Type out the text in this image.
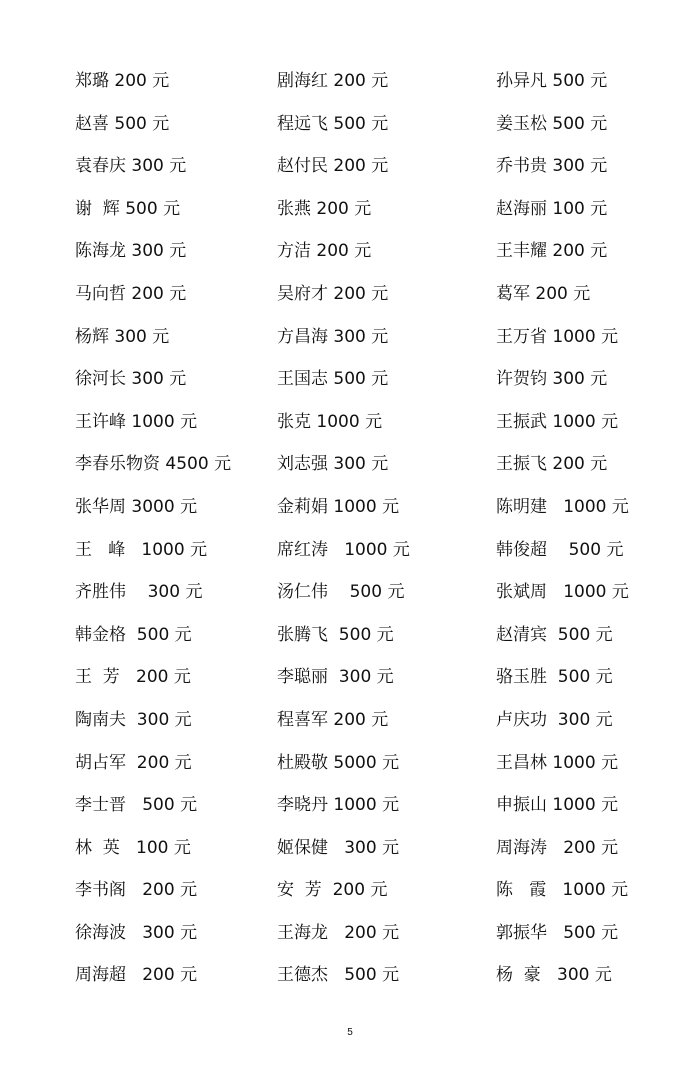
郑璐 200 元	剧海红 200 元	孙异凡 500 元
赵喜 500 元	程远飞 500 元	姜玉松 500 元
袁春庆 300 元	赵付民 200 元	乔书贵 300 元
谢  辉 500 元	张燕 200 元	赵海丽 100 元
陈海龙 300 元	方洁 200 元	王丰耀 200 元
马向哲 200 元	吴府才 200 元	葛军 200 元
杨辉 300 元	方昌海 300 元	王万省 1000 元
徐河长 300 元	王国志 500 元	许贺钧 300 元
王许峰 1000 元	张克 1000 元	王振武 1000 元
李春乐物资 4500 元	刘志强 300 元	王振飞 200 元
张华周 3000 元	金莉娟 1000 元	陈明建   1000 元
王   峰   1000 元	席红涛   1000 元	韩俊超    500 元
齐胜伟    300 元	汤仁伟    500 元	张斌周   1000 元
韩金格  500 元	张腾飞  500 元	赵清宾  500 元
王  芳   200 元	李聪丽  300 元	骆玉胜  500 元
陶南夫  300 元	程喜军 200 元	卢庆功  300 元
胡占军  200 元	杜殿敬 5000 元	王昌林 1000 元
李士晋   500 元	李晓丹 1000 元	申振山 1000 元
林  英   100 元	姬保健   300 元	周海涛   200 元
李书阁   200 元	安  芳  200 元	陈   霞   1000 元
徐海波   300 元	王海龙   200 元	郭振华   500 元
周海超   200 元	王德杰   500 元	杨  豪   300 元
5
